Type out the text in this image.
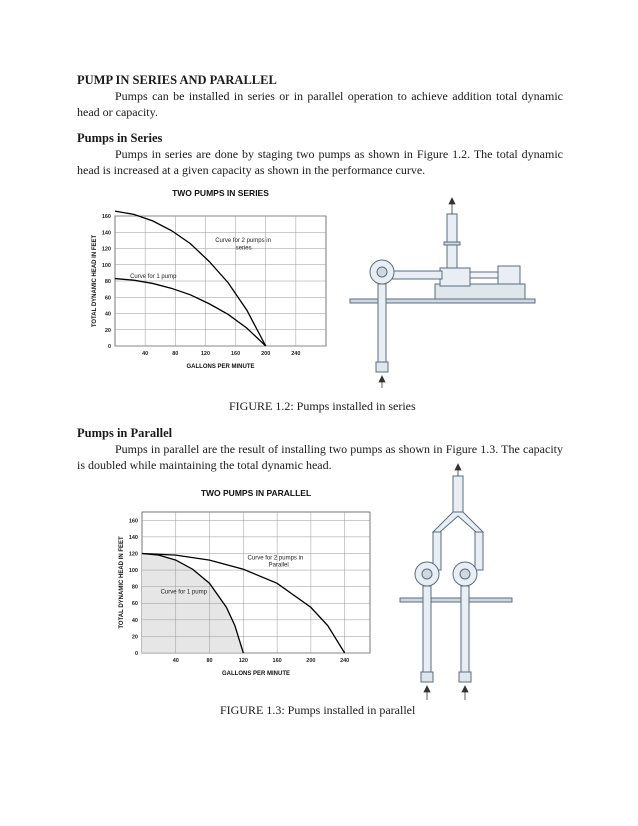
PUMP IN SERIES AND PARALLEL
Pumps can be installed in series or in parallel operation to achieve addition total dynamic head or capacity.
Pumps in Series
Pumps in series are done by staging two pumps as shown in Figure 1.2. The total dynamic head is increased at a given capacity as shown in the performance curve.
TWO PUMPS IN SERIES
0
20
40
60
80
100
120
140
160
40	80	120	160	200	240
GALLONS PER MINUTE
TOTAL DYNAMIC HEAD IN FEET	Curve for 1 pump
Curve for 2 pumps in
series
FIGURE 1.2: Pumps installed in series
Pumps in Parallel
Pumps in parallel are the result of installing two pumps as shown in Figure 1.3. The capacity is doubled while maintaining the total dynamic head.
TWO PUMPS IN PARALLEL
0
20
40
60
80
100
120
140
160
40	80	120	160	200	240
GALLONS PER MINUTE
TOTAL DYNAMIC HEAD IN FEET	Curve for 1 pump
Curve for 2 pumps in
Parallel
FIGURE 1.3: Pumps installed in parallel
